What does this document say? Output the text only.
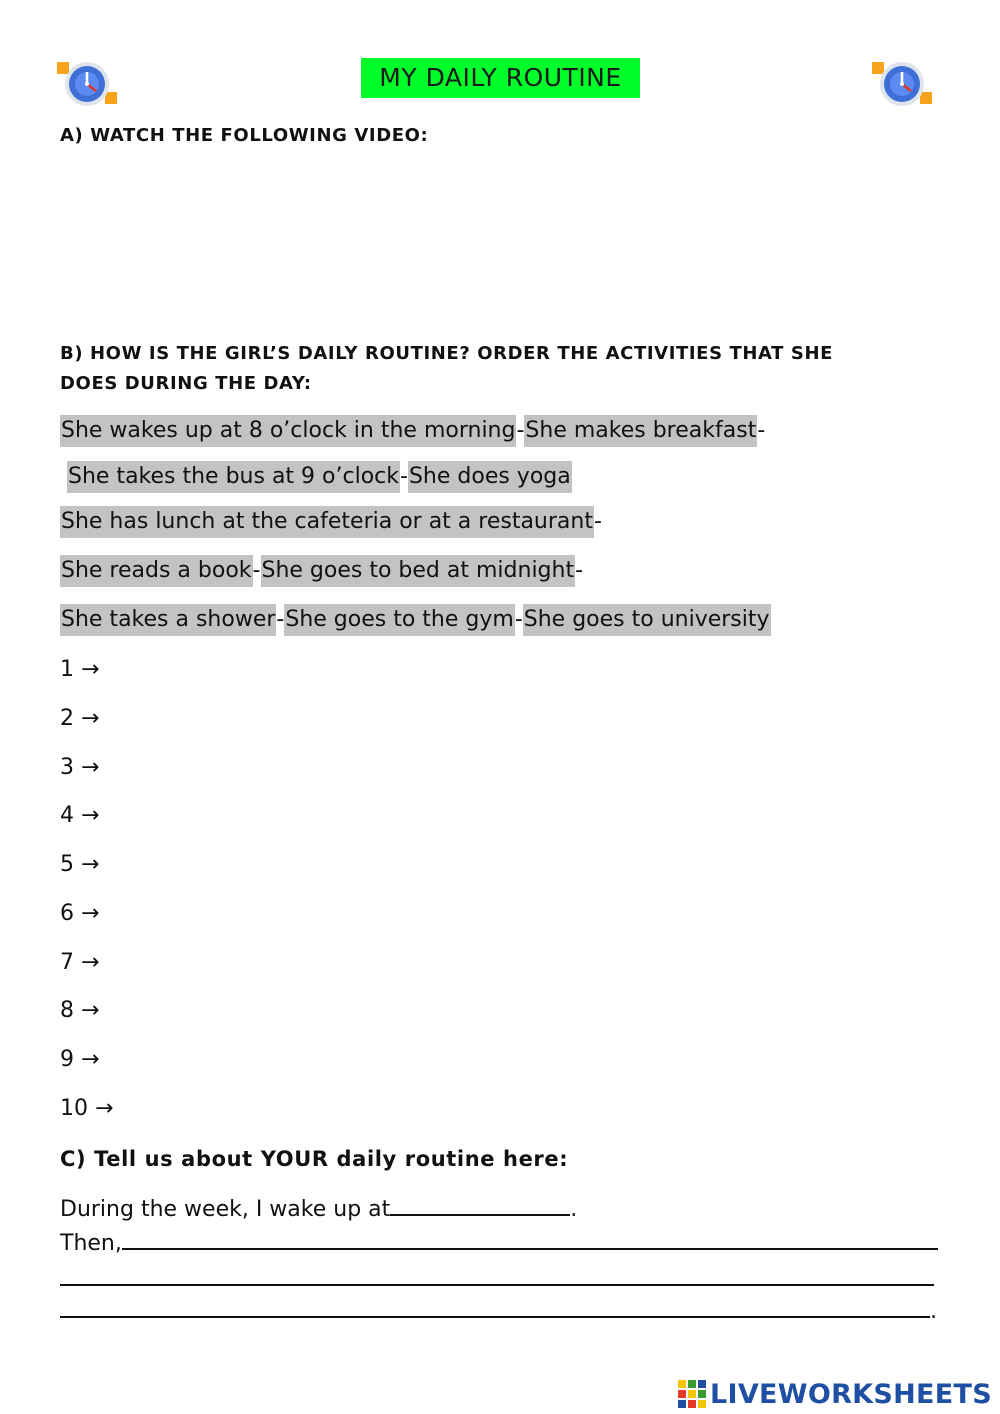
MY DAILY ROUTINE
A) WATCH THE FOLLOWING VIDEO:
B) HOW IS THE GIRL’S DAILY ROUTINE? ORDER THE ACTIVITIES THAT SHE
DOES DURING THE DAY:
She wakes up at 8 o’clock in the morning-She makes breakfast-
She takes the bus at 9 o’clock-She does yoga
She has lunch at the cafeteria or at a restaurant-
She reads a book-She goes to bed at midnight-
She takes a shower-She goes to the gym-She goes to university
1 →
2 →
3 →
4 →
5 →
6 →
7 →
8 →
9 →
10 →
C) Tell us about YOUR daily routine here:
During the week, I wake up at	.
Then,
.
LIVEWORKSHEETS
